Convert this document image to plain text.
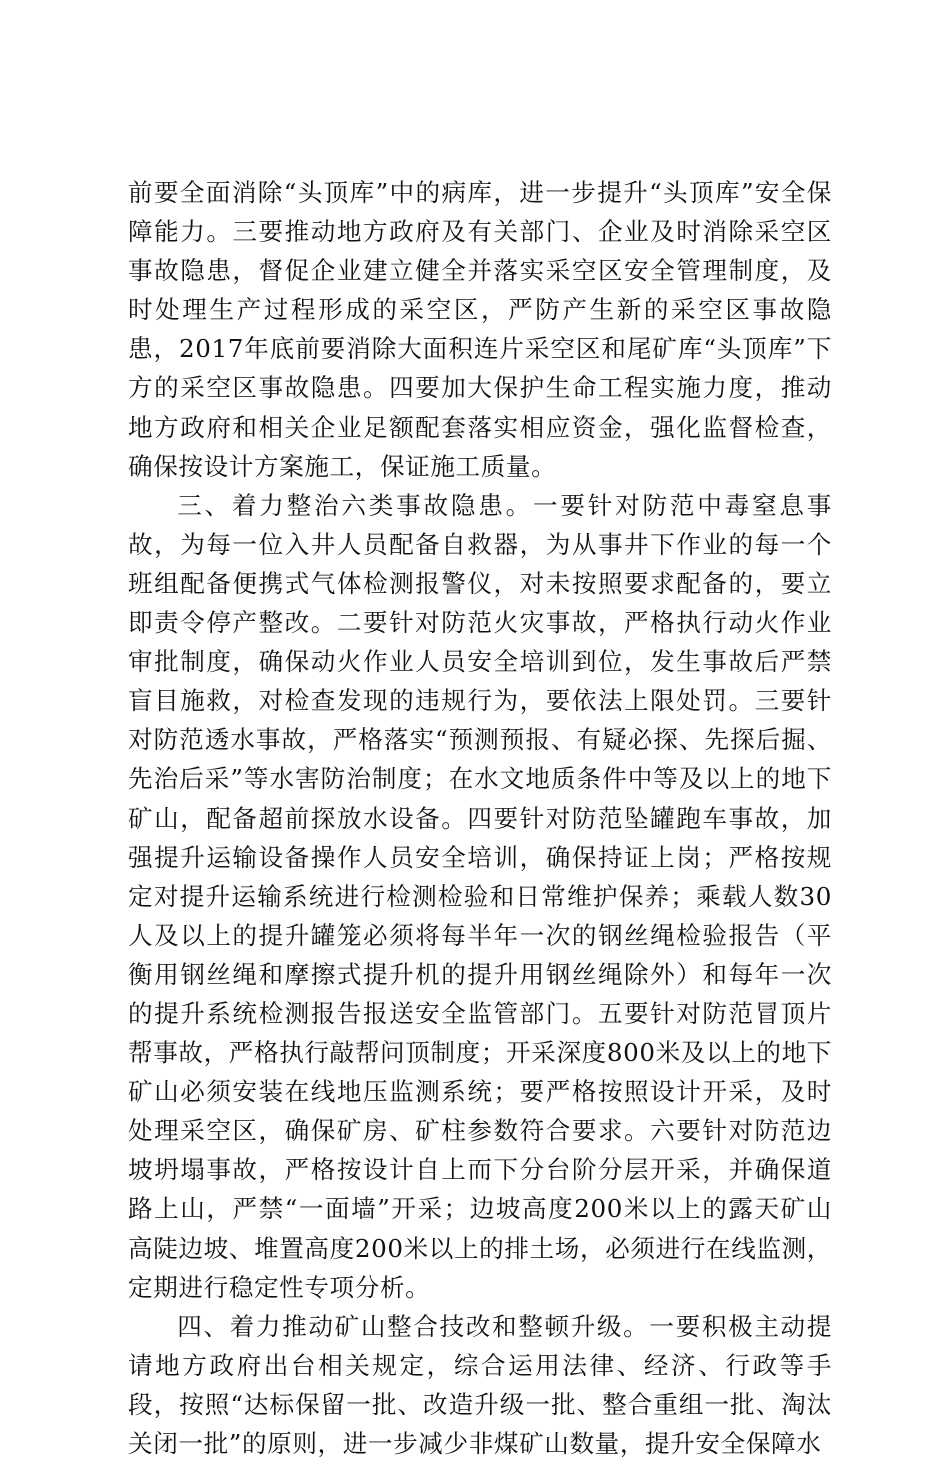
前要全面消除“头顶库”中的病库，进一步提升“头顶库”安全保障能力。三要推动地方政府及有关部门、企业及时消除采空区事故隐患，督促企业建立健全并落实采空区安全管理制度，及时处理生产过程形成的采空区，严防产生新的采空区事故隐患，2017年底前要消除大面积连片采空区和尾矿库“头顶库”下方的采空区事故隐患。四要加大保护生命工程实施力度，推动地方政府和相关企业足额配套落实相应资金，强化监督检查，确保按设计方案施工，保证施工质量。

三、着力整治六类事故隐患。一要针对防范中毒窒息事故，为每一位入井人员配备自救器，为从事井下作业的每一个班组配备便携式气体检测报警仪，对未按照要求配备的，要立即责令停产整改。二要针对防范火灾事故，严格执行动火作业审批制度，确保动火作业人员安全培训到位，发生事故后严禁盲目施救，对检查发现的违规行为，要依法上限处罚。三要针对防范透水事故，严格落实“预测预报、有疑必探、先探后掘、先治后采”等水害防治制度；在水文地质条件中等及以上的地下矿山，配备超前探放水设备。四要针对防范坠罐跑车事故，加强提升运输设备操作人员安全培训，确保持证上岗；严格按规定对提升运输系统进行检测检验和日常维护保养；乘载人数30人及以上的提升罐笼必须将每半年一次的钢丝绳检验报告（平衡用钢丝绳和摩擦式提升机的提升用钢丝绳除外）和每年一次的提升系统检测报告报送安全监管部门。五要针对防范冒顶片帮事故，严格执行敲帮问顶制度；开采深度800米及以上的地下矿山必须安装在线地压监测系统；要严格按照设计开采，及时处理采空区，确保矿房、矿柱参数符合要求。六要针对防范边坡坍塌事故，严格按设计自上而下分台阶分层开采，并确保道路上山，严禁“一面墙”开采；边坡高度200米以上的露天矿山高陡边坡、堆置高度200米以上的排土场，必须进行在线监测，定期进行稳定性专项分析。

四、着力推动矿山整合技改和整顿升级。一要积极主动提请地方政府出台相关规定，综合运用法律、经济、行政等手段，按照“达标保留一批、改造升级一批、整合重组一批、淘汰关闭一批”的原则，进一步减少非煤矿山数量，提升安全保障水
